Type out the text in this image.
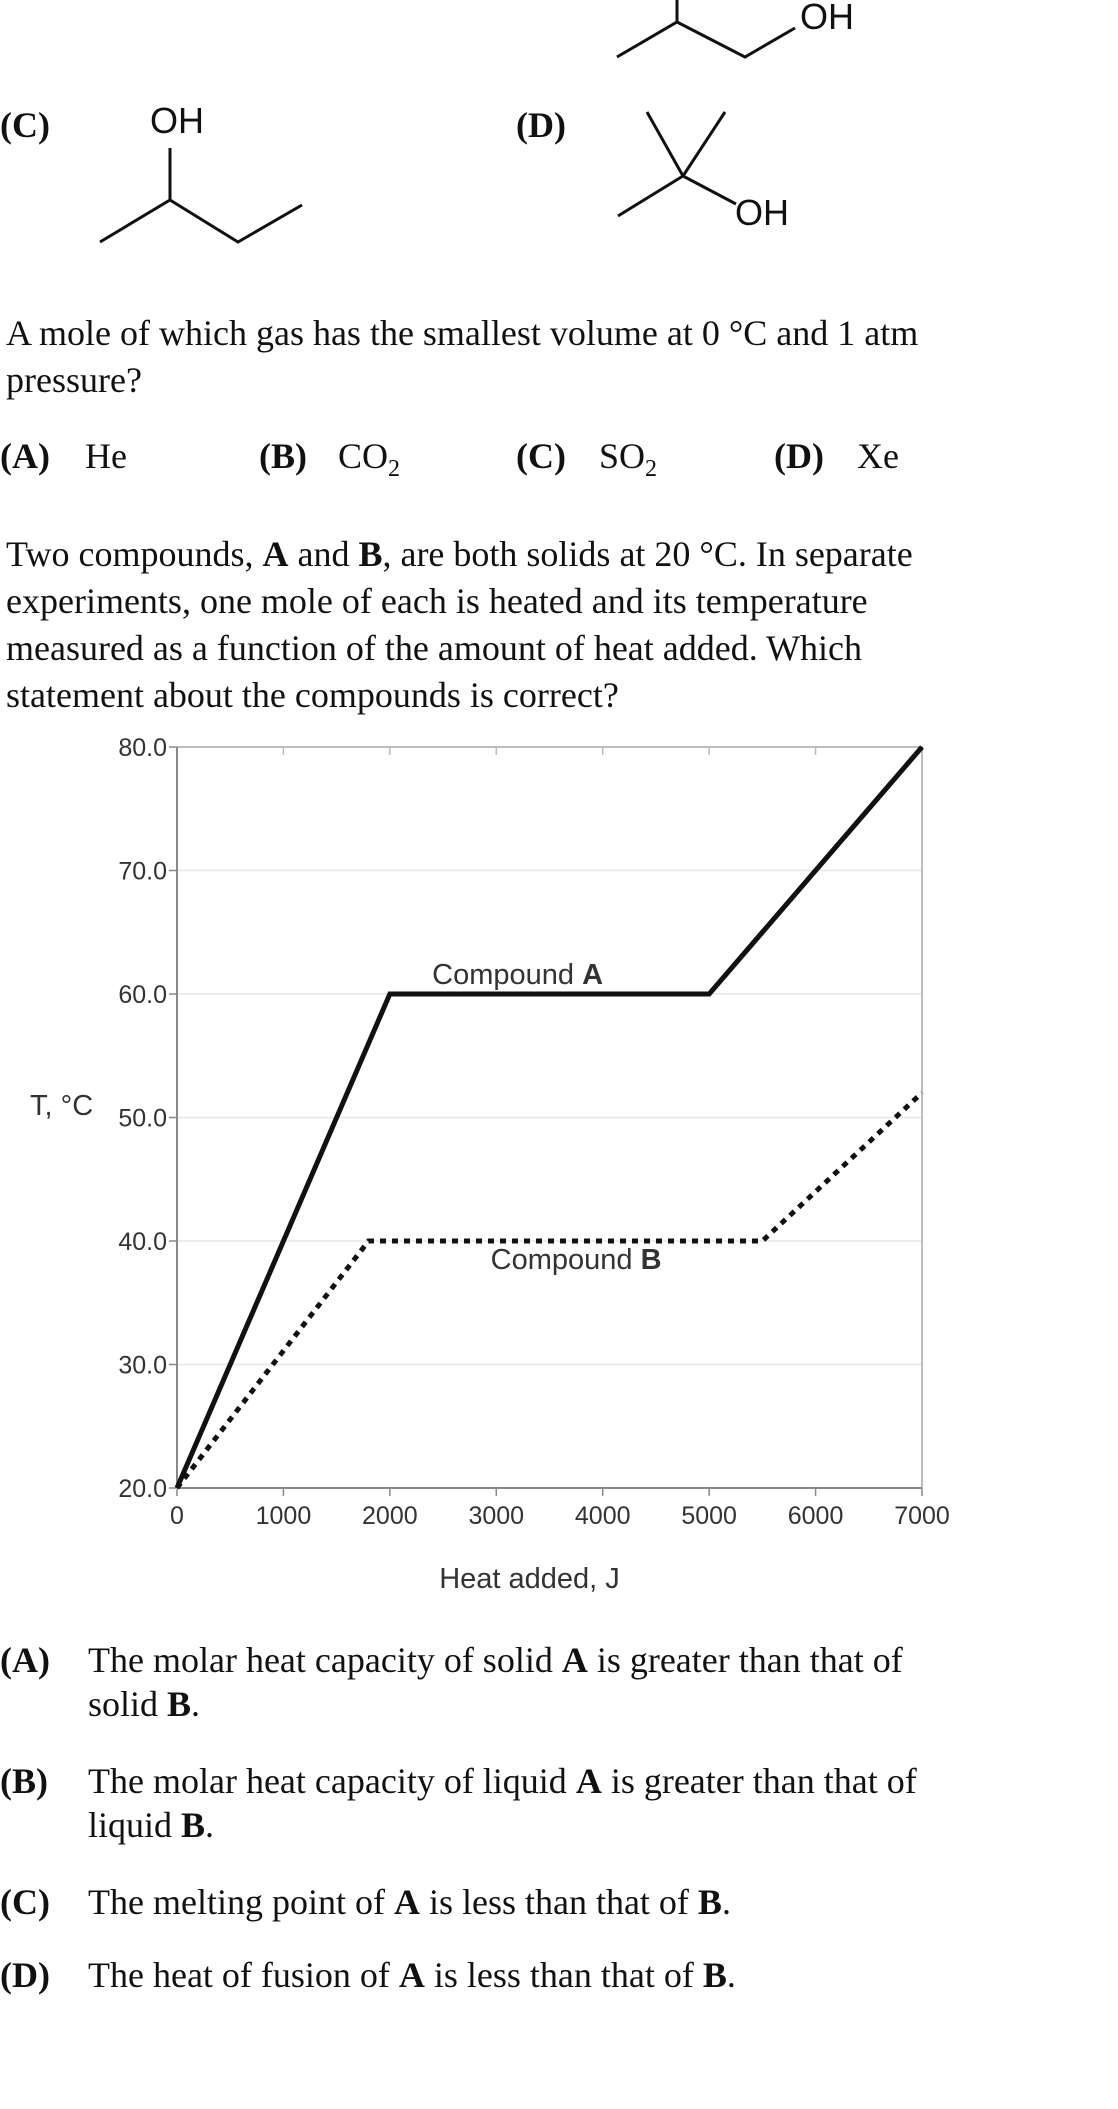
OH
(C)	OH	(D)
OH
A mole of which gas has the smallest volume at 0 °C and 1 atm pressure?
(A) He	(B) $CO_2$	(C) $SO_2$	(D) Xe
Two compounds, A and B, are both solids at 20 °C. In separate experiments, one mole of each is heated and its temperature measured as a function of the amount of heat added. Which statement about the compounds is correct?
20.0
30.0
40.0
50.0
60.0
70.0
80.0
0	1000 2000 3000 4000 5000 6000 7000
Compound A
Compound B
T, °C
Heat added, J
(A) The molar heat capacity of solid A is greater than that of solid B.
(B) The molar heat capacity of liquid A is greater than that of liquid B.
(C) The melting point of A is less than that of B.
(D) The heat of fusion of A is less than that of B.
